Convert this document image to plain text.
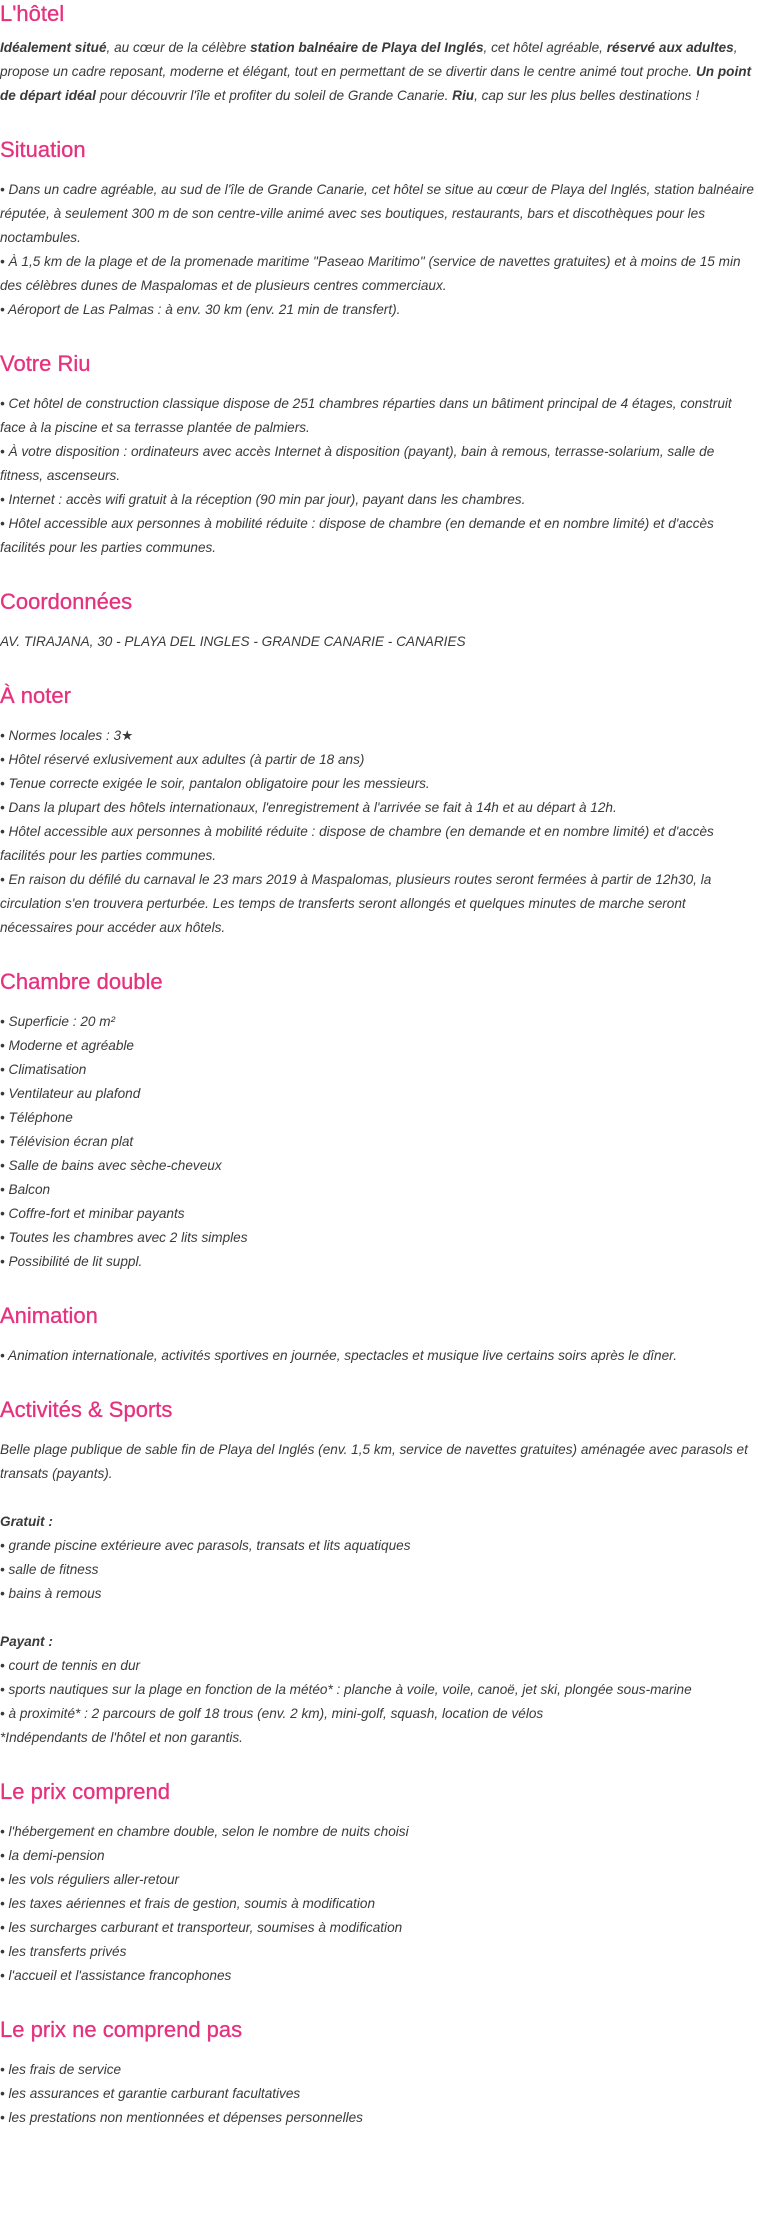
L'hôtel

Idéalement situé, au cœur de la célèbre station balnéaire de Playa del Inglés, cet hôtel agréable, réservé aux adultes, propose un cadre reposant, moderne et élégant, tout en permettant de se divertir dans le centre animé tout proche. Un point de départ idéal pour découvrir l'île et profiter du soleil de Grande Canarie. Riu, cap sur les plus belles destinations !

Situation

• Dans un cadre agréable, au sud de l'île de Grande Canarie, cet hôtel se situe au cœur de Playa del Inglés, station balnéaire réputée, à seulement 300 m de son centre-ville animé avec ses boutiques, restaurants, bars et discothèques pour les noctambules.
• À 1,5 km de la plage et de la promenade maritime "Paseao Maritimo" (service de navettes gratuites) et à moins de 15 min des célèbres dunes de Maspalomas et de plusieurs centres commerciaux.
• Aéroport de Las Palmas : à env. 30 km (env. 21 min de transfert).

Votre Riu

• Cet hôtel de construction classique dispose de 251 chambres réparties dans un bâtiment principal de 4 étages, construit face à la piscine et sa terrasse plantée de palmiers.
• À votre disposition : ordinateurs avec accès Internet à disposition (payant), bain à remous, terrasse-solarium, salle de fitness, ascenseurs.
• Internet : accès wifi gratuit à la réception (90 min par jour), payant dans les chambres.
• Hôtel accessible aux personnes à mobilité réduite : dispose de chambre (en demande et en nombre limité) et d'accès facilités pour les parties communes.

Coordonnées

AV. TIRAJANA, 30 - PLAYA DEL INGLES - GRANDE CANARIE - CANARIES

À noter

• Normes locales : 3★
• Hôtel réservé exlusivement aux adultes (à partir de 18 ans)
• Tenue correcte exigée le soir, pantalon obligatoire pour les messieurs.
• Dans la plupart des hôtels internationaux, l'enregistrement à l'arrivée se fait à 14h et au départ à 12h.
• Hôtel accessible aux personnes à mobilité réduite : dispose de chambre (en demande et en nombre limité) et d'accès facilités pour les parties communes.
• En raison du défilé du carnaval le 23 mars 2019 à Maspalomas, plusieurs routes seront fermées à partir de 12h30, la circulation s'en trouvera perturbée. Les temps de transferts seront allongés et quelques minutes de marche seront nécessaires pour accéder aux hôtels.

Chambre double

• Superficie : 20 m²
• Moderne et agréable
• Climatisation
• Ventilateur au plafond
• Téléphone
• Télévision écran plat
• Salle de bains avec sèche-cheveux
• Balcon
• Coffre-fort et minibar payants
• Toutes les chambres avec 2 lits simples
• Possibilité de lit suppl.

Animation

• Animation internationale, activités sportives en journée, spectacles et musique live certains soirs après le dîner.

Activités & Sports

Belle plage publique de sable fin de Playa del Inglés (env. 1,5 km, service de navettes gratuites) aménagée avec parasols et transats (payants).
Gratuit :
• grande piscine extérieure avec parasols, transats et lits aquatiques
• salle de fitness
• bains à remous
Payant :
• court de tennis en dur
• sports nautiques sur la plage en fonction de la météo* : planche à voile, voile, canoë, jet ski, plongée sous-marine
• à proximité* : 2 parcours de golf 18 trous (env. 2 km), mini-golf, squash, location de vélos
*Indépendants de l'hôtel et non garantis.

Le prix comprend

• l'hébergement en chambre double, selon le nombre de nuits choisi
• la demi-pension
• les vols réguliers aller-retour
• les taxes aériennes et frais de gestion, soumis à modification
• les surcharges carburant et transporteur, soumises à modification
• les transferts privés
• l'accueil et l'assistance francophones

Le prix ne comprend pas

• les frais de service
• les assurances et garantie carburant facultatives
• les prestations non mentionnées et dépenses personnelles
